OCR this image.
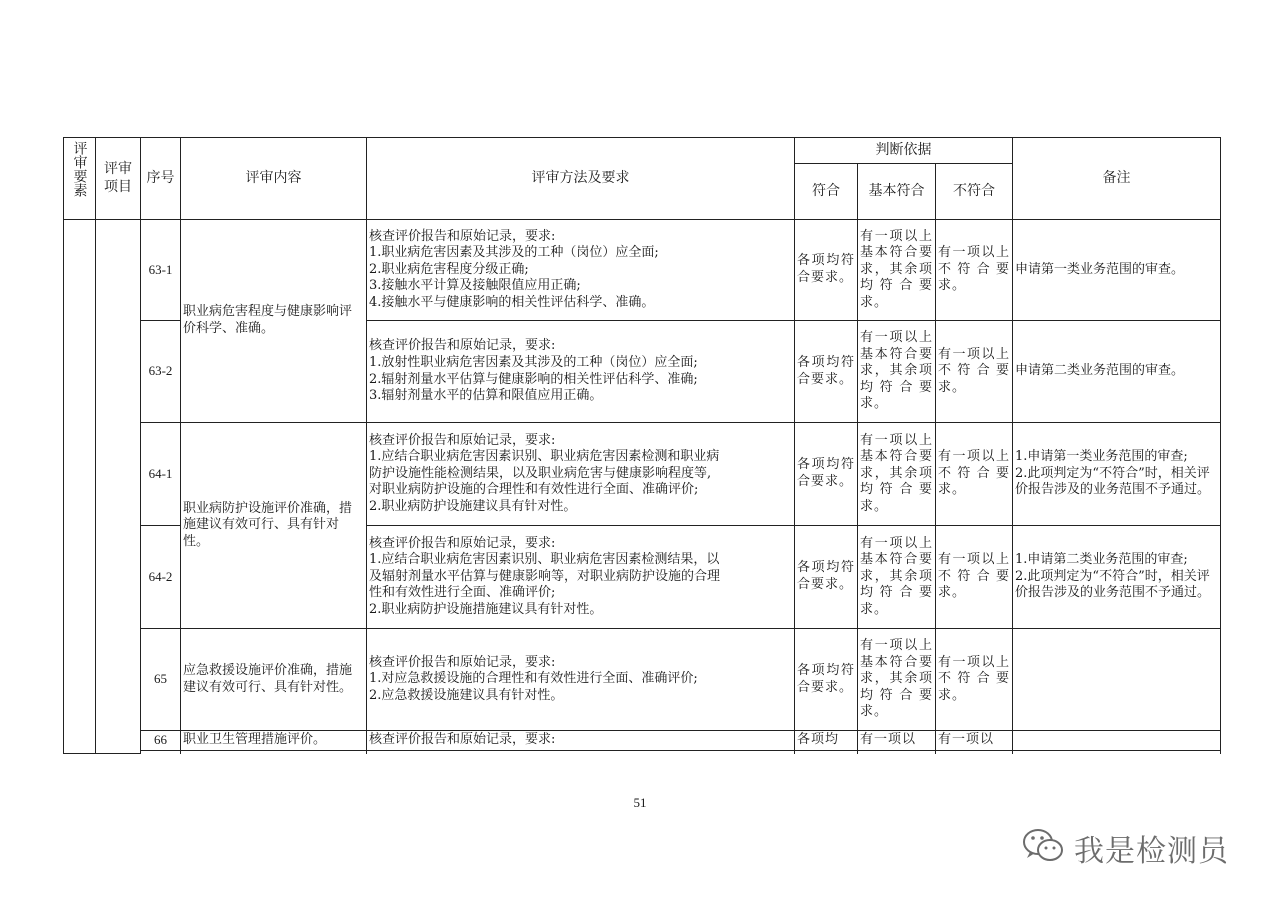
评审要素	评审项目	序号	评审内容	评审方法及要求	判断依据			备注
					符合	基本符合	不符合	
		63-1	职业病危害程度与健康影响评价科学、准确。	核查评价报告和原始记录，要求:
1.职业病危害因素及其涉及的工种（岗位）应全面;
2.职业病危害程度分级正确;
3.接触水平计算及接触限值应用正确;
4.接触水平与健康影响的相关性评估科学、准确。	各项均符合要求。	有一项以上基本符合要求，其余项均符合要求。	有一项以上不符合要求。	申请第一类业务范围的审查。

		63-2		核查评价报告和原始记录，要求:
1.放射性职业病危害因素及其涉及的工种（岗位）应全面;
2.辐射剂量水平估算与健康影响的相关性评估科学、准确;
3.辐射剂量水平的估算和限值应用正确。	各项均符合要求。	有一项以上基本符合要求，其余项均符合要求。	有一项以上不符合要求。	申请第二类业务范围的审查。

		64-1	职业病防护设施评价准确，措施建议有效可行、具有针对性。	核查评价报告和原始记录，要求:
1.应结合职业病危害因素识别、职业病危害因素检测和职业病
防护设施性能检测结果，以及职业病危害与健康影响程度等,
对职业病防护设施的合理性和有效性进行全面、准确评价;
2.职业病防护设施建议具有针对性。	各项均符合要求。	有一项以上基本符合要求，其余项均符合要求。	有一项以上不符合要求。	1.申请第一类业务范围的审查;
2.此项判定为“不符合”时，相关评价报告涉及的业务范围不予通过。

		64-2		核查评价报告和原始记录，要求:
1.应结合职业病危害因素识别、职业病危害因素检测结果，以
及辐射剂量水平估算与健康影响等，对职业病防护设施的合理
性和有效性进行全面、准确评价;
2.职业病防护设施措施建议具有针对性。	各项均符合要求。	有一项以上基本符合要求，其余项均符合要求。	有一项以上不符合要求。	1.申请第二类业务范围的审查;
2.此项判定为“不符合”时，相关评价报告涉及的业务范围不予通过。

		65	应急救援设施评价准确，措施建议有效可行、具有针对性。	核查评价报告和原始记录，要求:
1.对应急救援设施的合理性和有效性进行全面、准确评价;
2.应急救援设施建议具有针对性。	各项均符合要求。	有一项以上基本符合要求，其余项均符合要求。	有一项以上不符合要求。	
		66	职业卫生管理措施评价。	核查评价报告和原始记录，要求:	各项均	有一项以	有一项以	

51
我是检测员
